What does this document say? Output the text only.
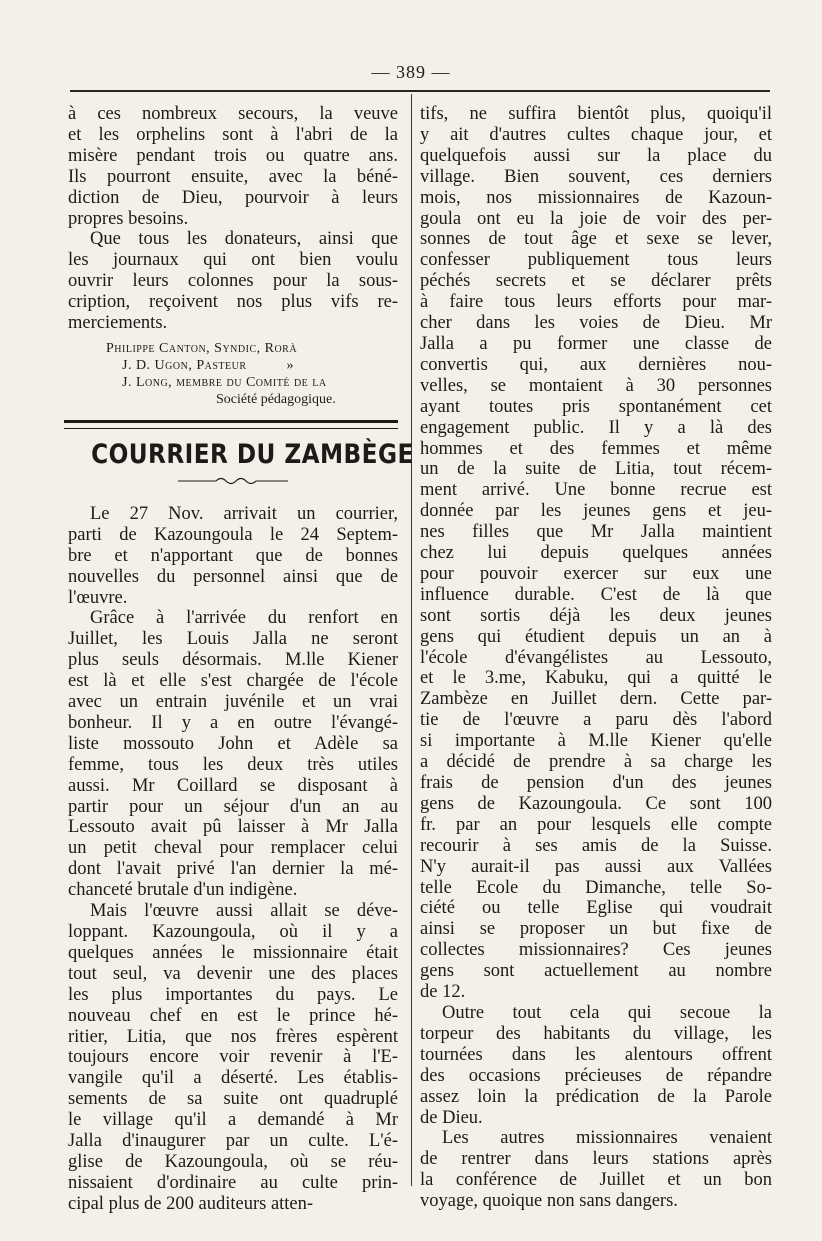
— 389 —
à ces nombreux secours, la veuve
et les orphelins sont à l'abri de la
misère pendant trois ou quatre ans.
Ils pourront ensuite, avec la béné-
diction de Dieu, pourvoir à leurs
propres besoins.
Que tous les donateurs, ainsi que
les journaux qui ont bien voulu
ouvrir leurs colonnes pour la sous-
cription, reçoivent nos plus vifs re-
merciements.
Philippe Canton, Syndic, Rorà
J. D. Ugon, Pasteur          »
J. Long, membre du Comité de la
Société pédagogique.
COURRIER DU ZAMBÈGE
Le 27 Nov. arrivait un courrier,
parti de Kazoungoula le 24 Septem-
bre et n'apportant que de bonnes
nouvelles du personnel ainsi que de
l'œuvre.
Grâce à l'arrivée du renfort en
Juillet, les Louis Jalla ne seront
plus seuls désormais. M.lle Kiener
est là et elle s'est chargée de l'école
avec un entrain juvénile et un vrai
bonheur. Il y a en outre l'évangé-
liste mossouto John et Adèle sa
femme, tous les deux très utiles
aussi. Mr Coillard se disposant à
partir pour un séjour d'un an au
Lessouto avait pû laisser à Mr Jalla
un petit cheval pour remplacer celui
dont l'avait privé l'an dernier la mé-
chanceté brutale d'un indigène.
Mais l'œuvre aussi allait se déve-
loppant. Kazoungoula, où il y a
quelques années le missionnaire était
tout seul, va devenir une des places
les plus importantes du pays. Le
nouveau chef en est le prince hé-
ritier, Litia, que nos frères espèrent
toujours encore voir revenir à l'E-
vangile qu'il a déserté. Les établis-
sements de sa suite ont quadruplé
le village qu'il a demandé à Mr
Jalla d'inaugurer par un culte. L'é-
glise de Kazoungoula, où se réu-
nissaient d'ordinaire au culte prin-
cipal plus de 200 auditeurs atten-
tifs, ne suffira bientôt plus, quoiqu'il
y ait d'autres cultes chaque jour, et
quelquefois aussi sur la place du
village. Bien souvent, ces derniers
mois, nos missionnaires de Kazoun-
goula ont eu la joie de voir des per-
sonnes de tout âge et sexe se lever,
confesser publiquement tous leurs
péchés secrets et se déclarer prêts
à faire tous leurs efforts pour mar-
cher dans les voies de Dieu. Mr
Jalla a pu former une classe de
convertis qui, aux dernières nou-
velles, se montaient à 30 personnes
ayant toutes pris spontanément cet
engagement public. Il y a là des
hommes et des femmes et même
un de la suite de Litia, tout récem-
ment arrivé. Une bonne recrue est
donnée par les jeunes gens et jeu-
nes filles que Mr Jalla maintient
chez lui depuis quelques années
pour pouvoir exercer sur eux une
influence durable. C'est de là que
sont sortis déjà les deux jeunes
gens qui étudient depuis un an à
l'école d'évangélistes au Lessouto,
et le 3.me, Kabuku, qui a quitté le
Zambèze en Juillet dern. Cette par-
tie de l'œuvre a paru dès l'abord
si importante à M.lle Kiener qu'elle
a décidé de prendre à sa charge les
frais de pension d'un des jeunes
gens de Kazoungoula. Ce sont 100
fr. par an pour lesquels elle compte
recourir à ses amis de la Suisse.
N'y aurait-il pas aussi aux Vallées
telle Ecole du Dimanche, telle So-
ciété ou telle Eglise qui voudrait
ainsi se proposer un but fixe de
collectes missionnaires? Ces jeunes
gens sont actuellement au nombre
de 12.
Outre tout cela qui secoue la
torpeur des habitants du village, les
tournées dans les alentours offrent
des occasions précieuses de répandre
assez loin la prédication de la Parole
de Dieu.
Les autres missionnaires venaient
de rentrer dans leurs stations après
la conférence de Juillet et un bon
voyage, quoique non sans dangers.
